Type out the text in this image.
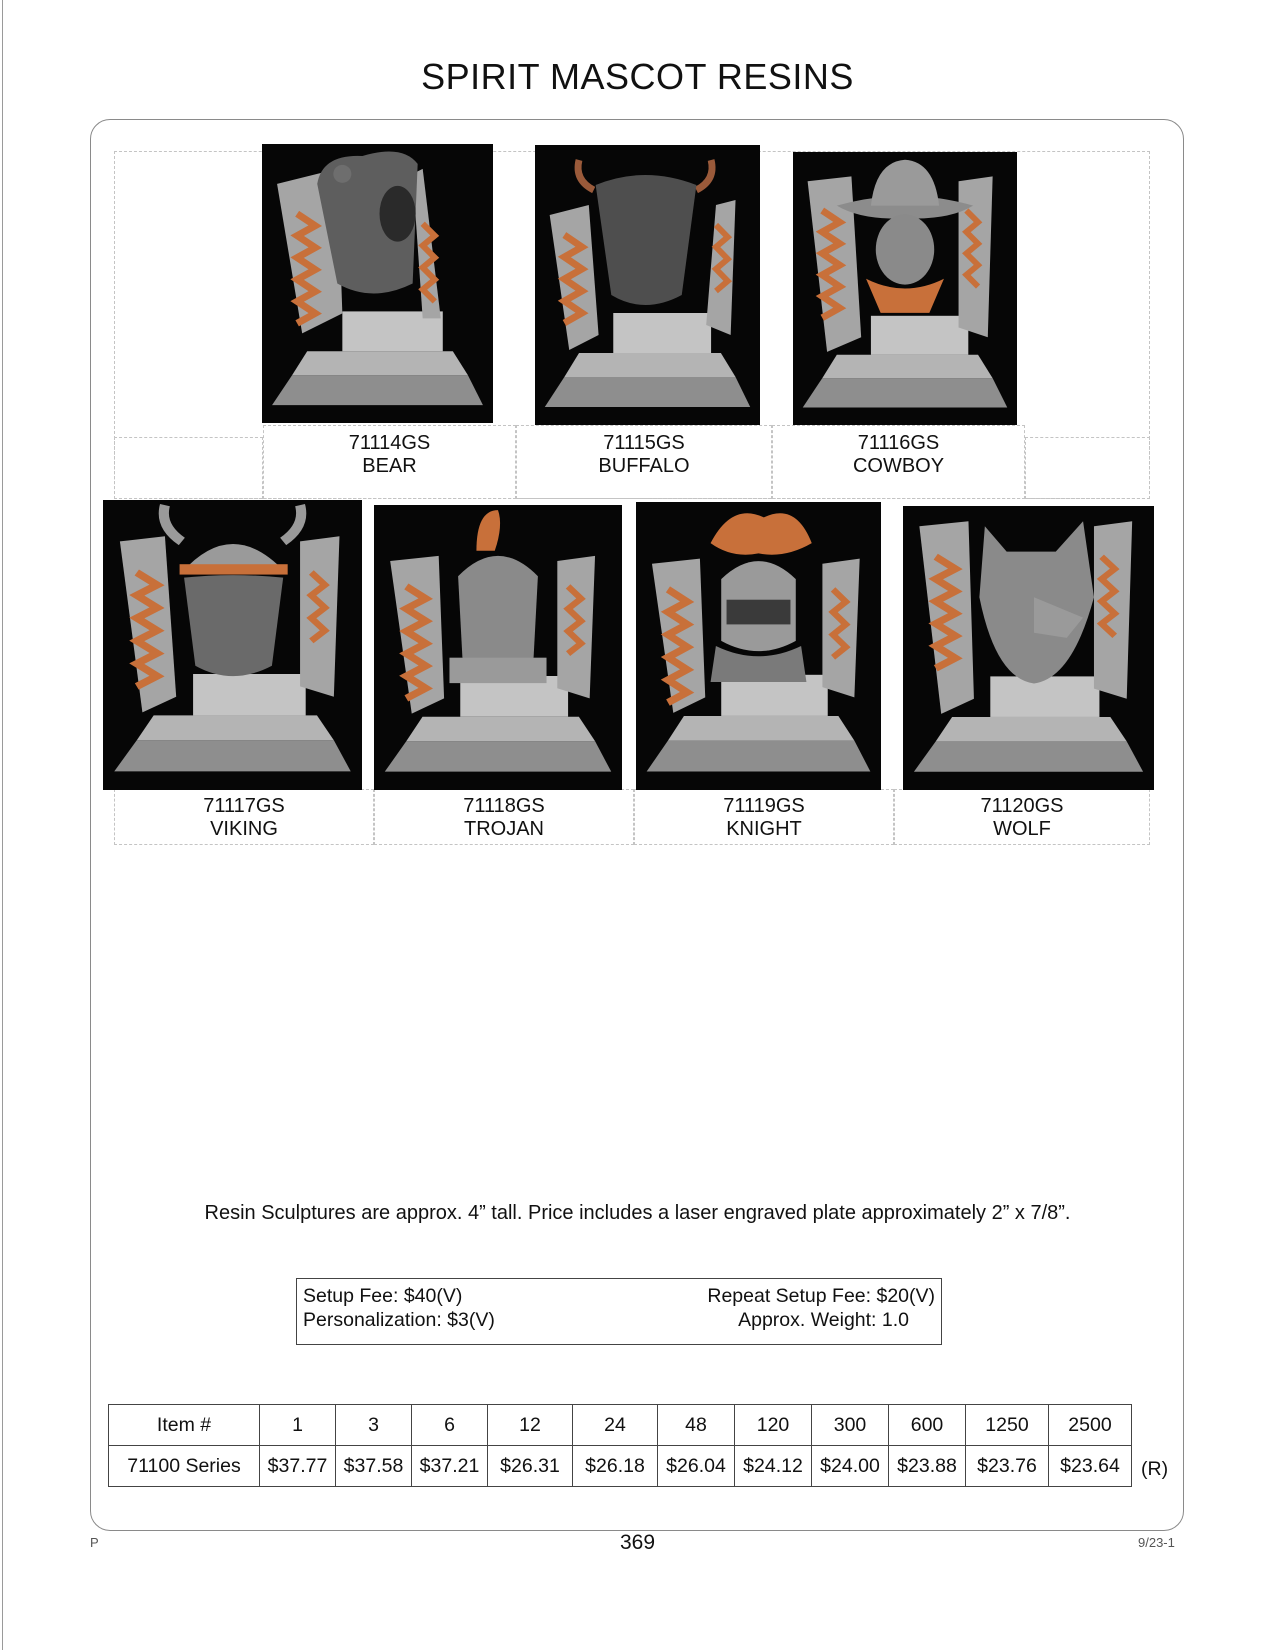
SPIRIT MASCOT RESINS
71114GS
BEAR
71115GS
BUFFALO
71116GS
COWBOY
71117GS
VIKING
71118GS
TROJAN
71119GS
KNIGHT
71120GS
WOLF
Resin Sculptures are approx. 4” tall. Price includes a laser engraved plate approximately 2” x 7/8”.
Setup Fee: $40(V)
Personalization: $3(V)
Repeat Setup Fee: $20(V)
Approx. Weight: 1.0
Item #	1	3	6	12	24	48	120	300	600	1250	2500
71100 Series	$37.77	$37.58	$37.21	$26.31	$26.18	$26.04	$24.12	$24.00	$23.88	$23.76	$23.64 (R)
P	369	9/23-1
